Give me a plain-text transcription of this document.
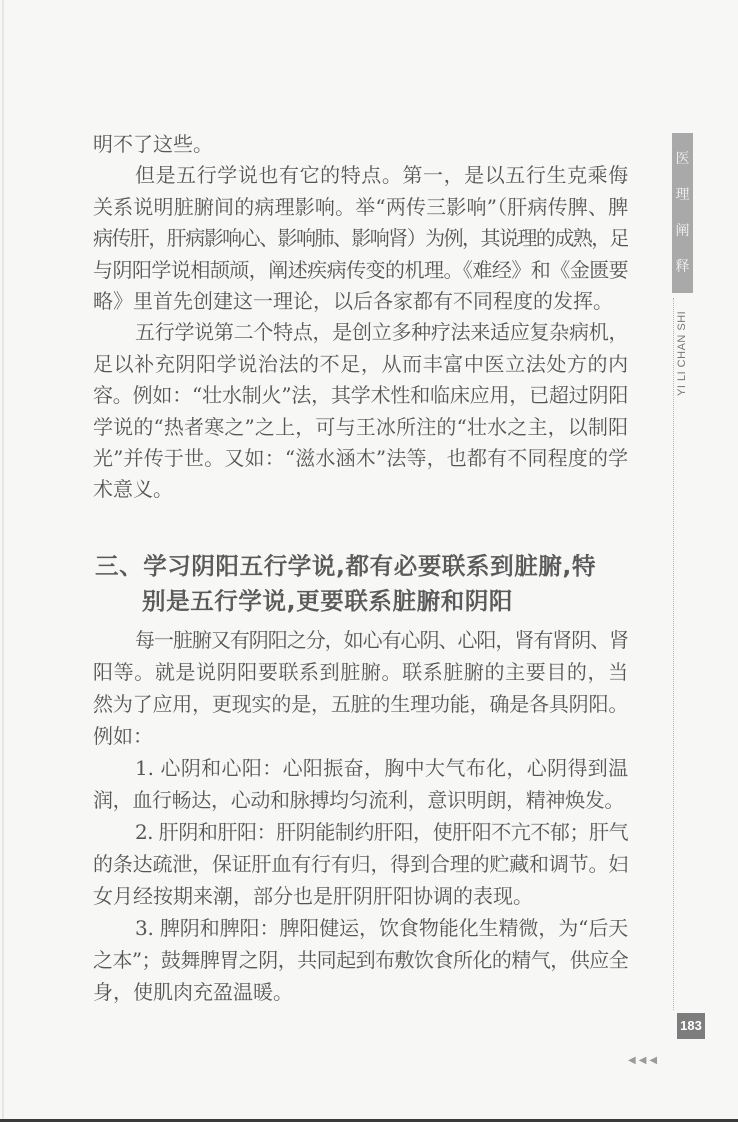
明不了这些。
但是五行学说也有它的特点。第一，是以五行生克乘侮
关系说明脏腑间的病理影响。举“两传三影响”（肝病传脾、脾
病传肝，肝病影响心、影响肺、影响肾）为例，其说理的成熟，足
与阴阳学说相颉颃，阐述疾病传变的机理。《难经》和《金匮要
略》里首先创建这一理论，以后各家都有不同程度的发挥。
五行学说第二个特点，是创立多种疗法来适应复杂病机，
足以补充阴阳学说治法的不足，从而丰富中医立法处方的内
容。例如：“壮水制火”法，其学术性和临床应用，已超过阴阳
学说的“热者寒之”之上，可与王冰所注的“壮水之主，以制阳
光”并传于世。又如：“滋水涵木”法等，也都有不同程度的学
术意义。
三、学习阴阳五行学说,都有必要联系到脏腑,特
别是五行学说,更要联系脏腑和阴阳
每一脏腑又有阴阳之分，如心有心阴、心阳，肾有肾阴、肾
阳等。就是说阴阳要联系到脏腑。联系脏腑的主要目的，当
然为了应用，更现实的是，五脏的生理功能，确是各具阴阳。
例如：
1. 心阴和心阳：心阳振奋，胸中大气布化，心阴得到温
润，血行畅达，心动和脉搏均匀流利，意识明朗，精神焕发。
2. 肝阴和肝阳：肝阴能制约肝阳，使肝阳不亢不郁；肝气
的条达疏泄，保证肝血有行有归，得到合理的贮藏和调节。妇
女月经按期来潮，部分也是肝阴肝阳协调的表现。
3. 脾阴和脾阳：脾阳健运，饮食物能化生精微，为“后天
之本”；鼓舞脾胃之阴，共同起到布敷饮食所化的精气，供应全
身，使肌肉充盈温暖。
医
理
阐
释
YI LI CHAN SHI
183
◀◀◀
